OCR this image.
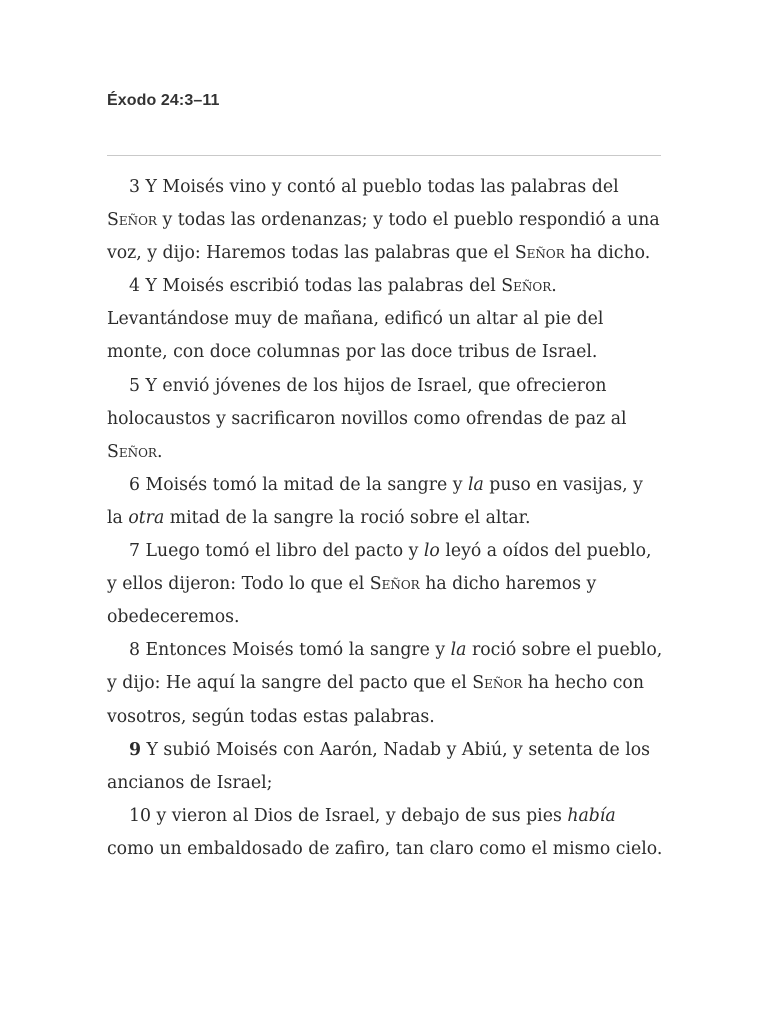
Éxodo 24:3–11

3 Y Moisés vino y contó al pueblo todas las palabras del Señor y todas las ordenanzas; y todo el pueblo respondió a una voz, y dijo: Haremos todas las palabras que el Señor ha dicho.

4 Y Moisés escribió todas las palabras del Señor. Levantándose muy de mañana, edificó un altar al pie del monte, con doce columnas por las doce tribus de Israel.

5 Y envió jóvenes de los hijos de Israel, que ofrecieron holocaustos y sacrificaron novillos como ofrendas de paz al Señor.

6 Moisés tomó la mitad de la sangre y la puso en vasijas, y la otra mitad de la sangre la roció sobre el altar.

7 Luego tomó el libro del pacto y lo leyó a oídos del pueblo, y ellos dijeron: Todo lo que el Señor ha dicho haremos y obedeceremos.

8 Entonces Moisés tomó la sangre y la roció sobre el pueblo, y dijo: He aquí la sangre del pacto que el Señor ha hecho con vosotros, según todas estas palabras.

9 Y subió Moisés con Aarón, Nadab y Abiú, y setenta de los ancianos de Israel;

10 y vieron al Dios de Israel, y debajo de sus pies había como un embaldosado de zafiro, tan claro como el mismo cielo.
